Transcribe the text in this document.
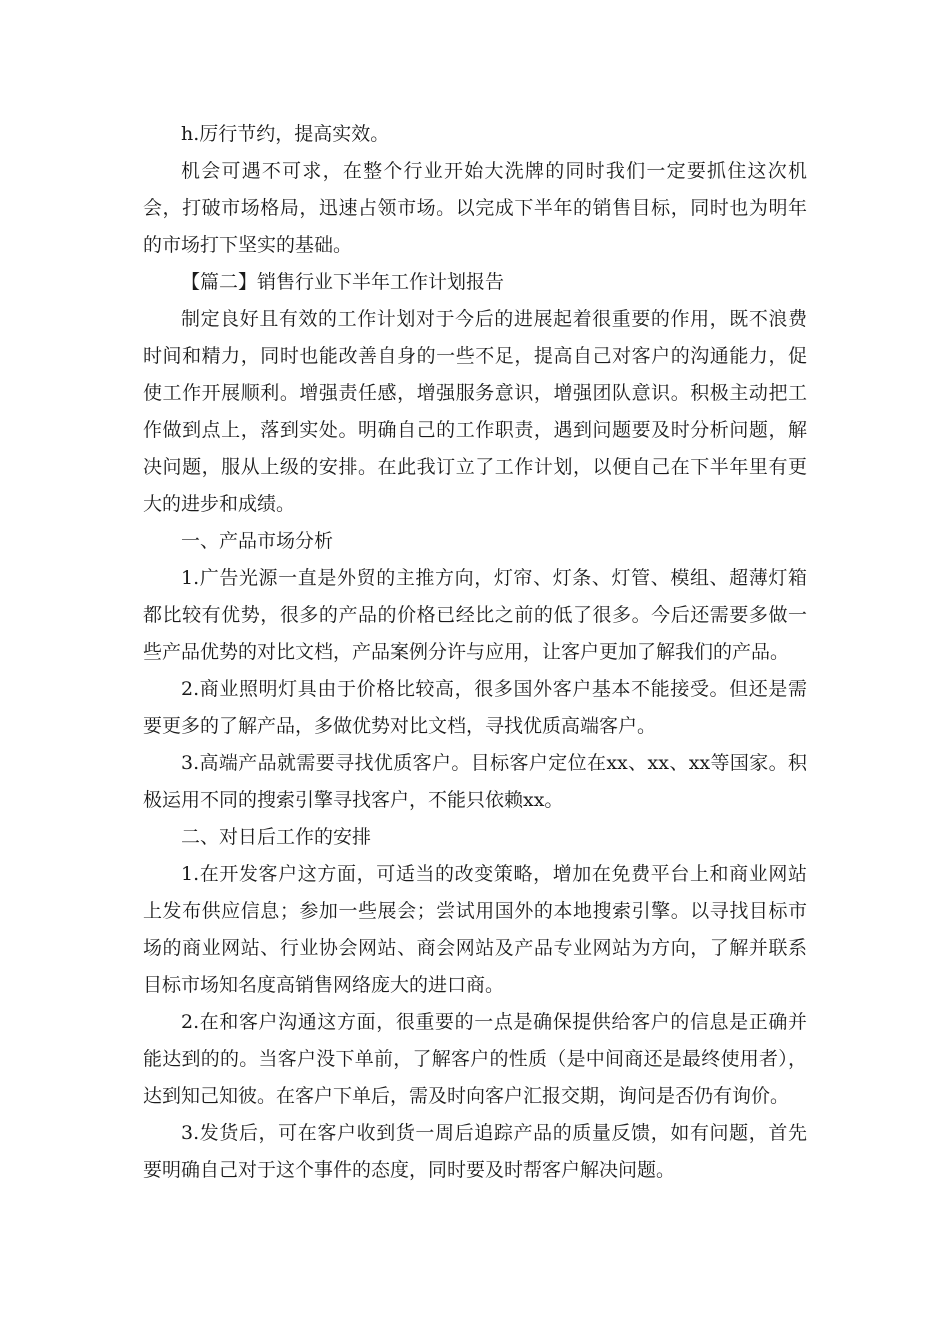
h.厉行节约，提高实效。

机会可遇不可求，在整个行业开始大洗牌的同时我们一定要抓住这次机会，打破市场格局，迅速占领市场。以完成下半年的销售目标，同时也为明年的市场打下坚实的基础。

【篇二】销售行业下半年工作计划报告

制定良好且有效的工作计划对于今后的进展起着很重要的作用，既不浪费时间和精力，同时也能改善自身的一些不足，提高自己对客户的沟通能力，促使工作开展顺利。增强责任感，增强服务意识，增强团队意识。积极主动把工作做到点上，落到实处。明确自己的工作职责，遇到问题要及时分析问题，解决问题，服从上级的安排。在此我订立了工作计划，以便自己在下半年里有更大的进步和成绩。

一、产品市场分析

1.广告光源一直是外贸的主推方向，灯帘、灯条、灯管、模组、超薄灯箱都比较有优势，很多的产品的价格已经比之前的低了很多。今后还需要多做一些产品优势的对比文档，产品案例分许与应用，让客户更加了解我们的产品。

2.商业照明灯具由于价格比较高，很多国外客户基本不能接受。但还是需要更多的了解产品，多做优势对比文档，寻找优质高端客户。

3.高端产品就需要寻找优质客户。目标客户定位在xx、xx、xx等国家。积极运用不同的搜索引擎寻找客户，不能只依赖xx。

二、对日后工作的安排

1.在开发客户这方面，可适当的改变策略，增加在免费平台上和商业网站上发布供应信息；参加一些展会；尝试用国外的本地搜索引擎。以寻找目标市场的商业网站、行业协会网站、商会网站及产品专业网站为方向，了解并联系目标市场知名度高销售网络庞大的进口商。

2.在和客户沟通这方面，很重要的一点是确保提供给客户的信息是正确并能达到的的。当客户没下单前，了解客户的性质（是中间商还是最终使用者），达到知己知彼。在客户下单后，需及时向客户汇报交期，询问是否仍有询价。

3.发货后，可在客户收到货一周后追踪产品的质量反馈，如有问题，首先要明确自己对于这个事件的态度，同时要及时帮客户解决问题。
